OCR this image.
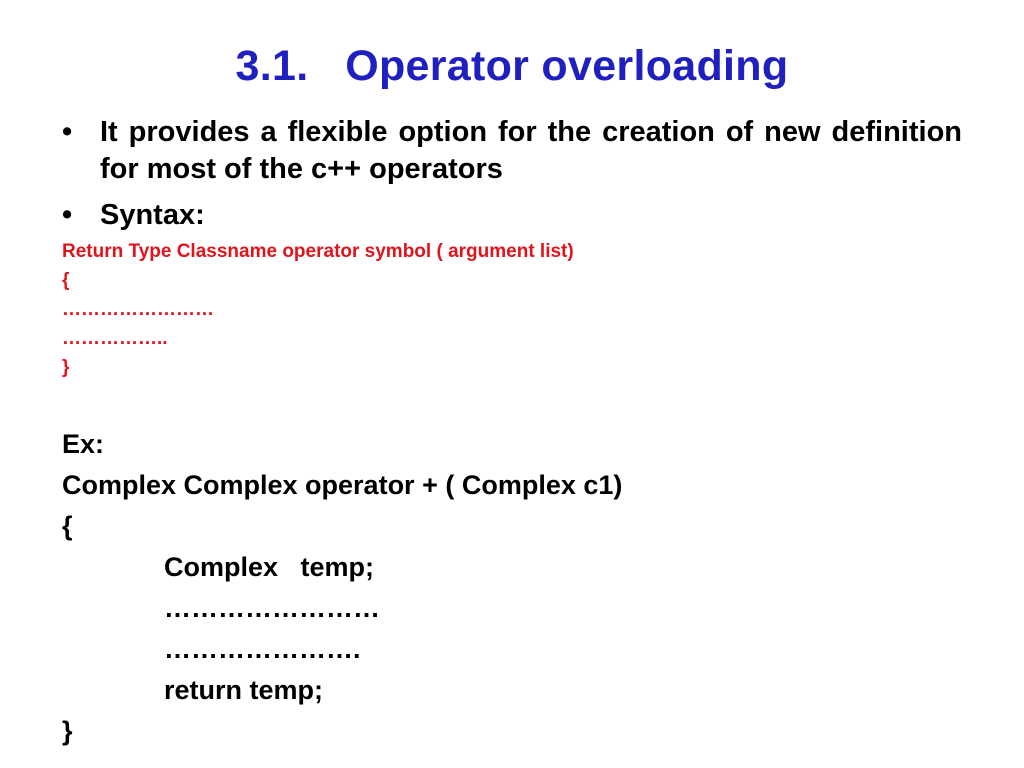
3.1.   Operator overloading
• It provides a flexible option for the creation of new definition for most of the c++ operators
• Syntax:
Return Type Classname operator symbol ( argument list)
{
……………………
……………..
}
Ex:
Complex Complex operator + ( Complex c1)
{
Complex   temp;
……………………
………………….
return temp;
}
